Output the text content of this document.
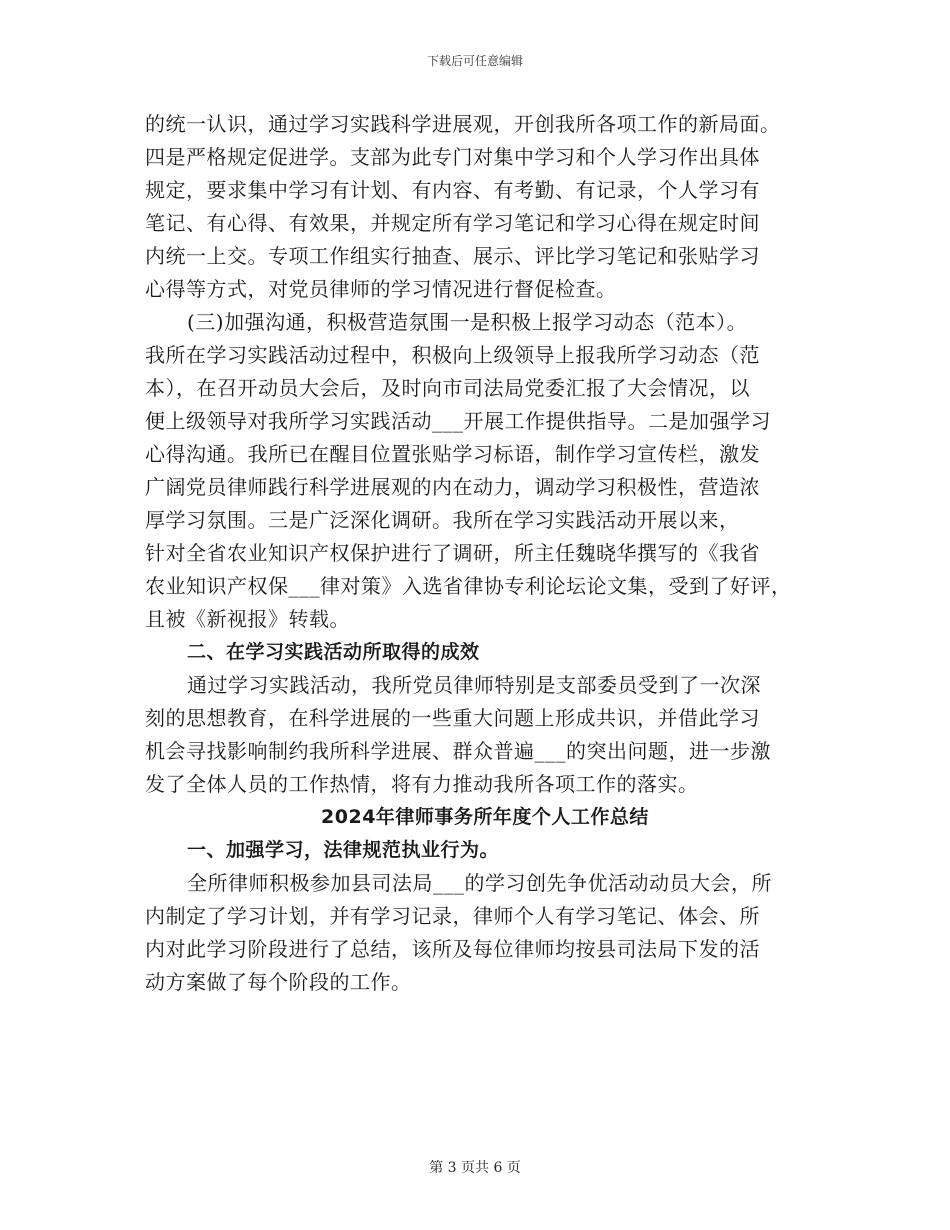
下载后可任意编辑
的统一认识，通过学习实践科学进展观，开创我所各项工作的新局面。
四是严格规定促进学。支部为此专门对集中学习和个人学习作出具体
规定，要求集中学习有计划、有内容、有考勤、有记录，个人学习有
笔记、有心得、有效果，并规定所有学习笔记和学习心得在规定时间
内统一上交。专项工作组实行抽查、展示、评比学习笔记和张贴学习
心得等方式，对党员律师的学习情况进行督促检查。
(三)加强沟通，积极营造氛围一是积极上报学习动态（范本）。
我所在学习实践活动过程中，积极向上级领导上报我所学习动态（范
本），在召开动员大会后，及时向市司法局党委汇报了大会情况，以
便上级领导对我所学习实践活动___开展工作提供指导。二是加强学习
心得沟通。我所已在醒目位置张贴学习标语，制作学习宣传栏，激发
广阔党员律师践行科学进展观的内在动力，调动学习积极性，营造浓
厚学习氛围。三是广泛深化调研。我所在学习实践活动开展以来，
针对全省农业知识产权保护进行了调研，所主任魏晓华撰写的《我省
农业知识产权保___律对策》入选省律协专利论坛论文集，受到了好评，
且被《新视报》转载。
二、在学习实践活动所取得的成效
通过学习实践活动，我所党员律师特别是支部委员受到了一次深
刻的思想教育，在科学进展的一些重大问题上形成共识，并借此学习
机会寻找影响制约我所科学进展、群众普遍___的突出问题，进一步激
发了全体人员的工作热情，将有力推动我所各项工作的落实。
2024年律师事务所年度个人工作总结
一、加强学习，法律规范执业行为。
全所律师积极参加县司法局___的学习创先争优活动动员大会，所
内制定了学习计划，并有学习记录，律师个人有学习笔记、体会、所
内对此学习阶段进行了总结，该所及每位律师均按县司法局下发的活
动方案做了每个阶段的工作。
第 3 页共 6 页
